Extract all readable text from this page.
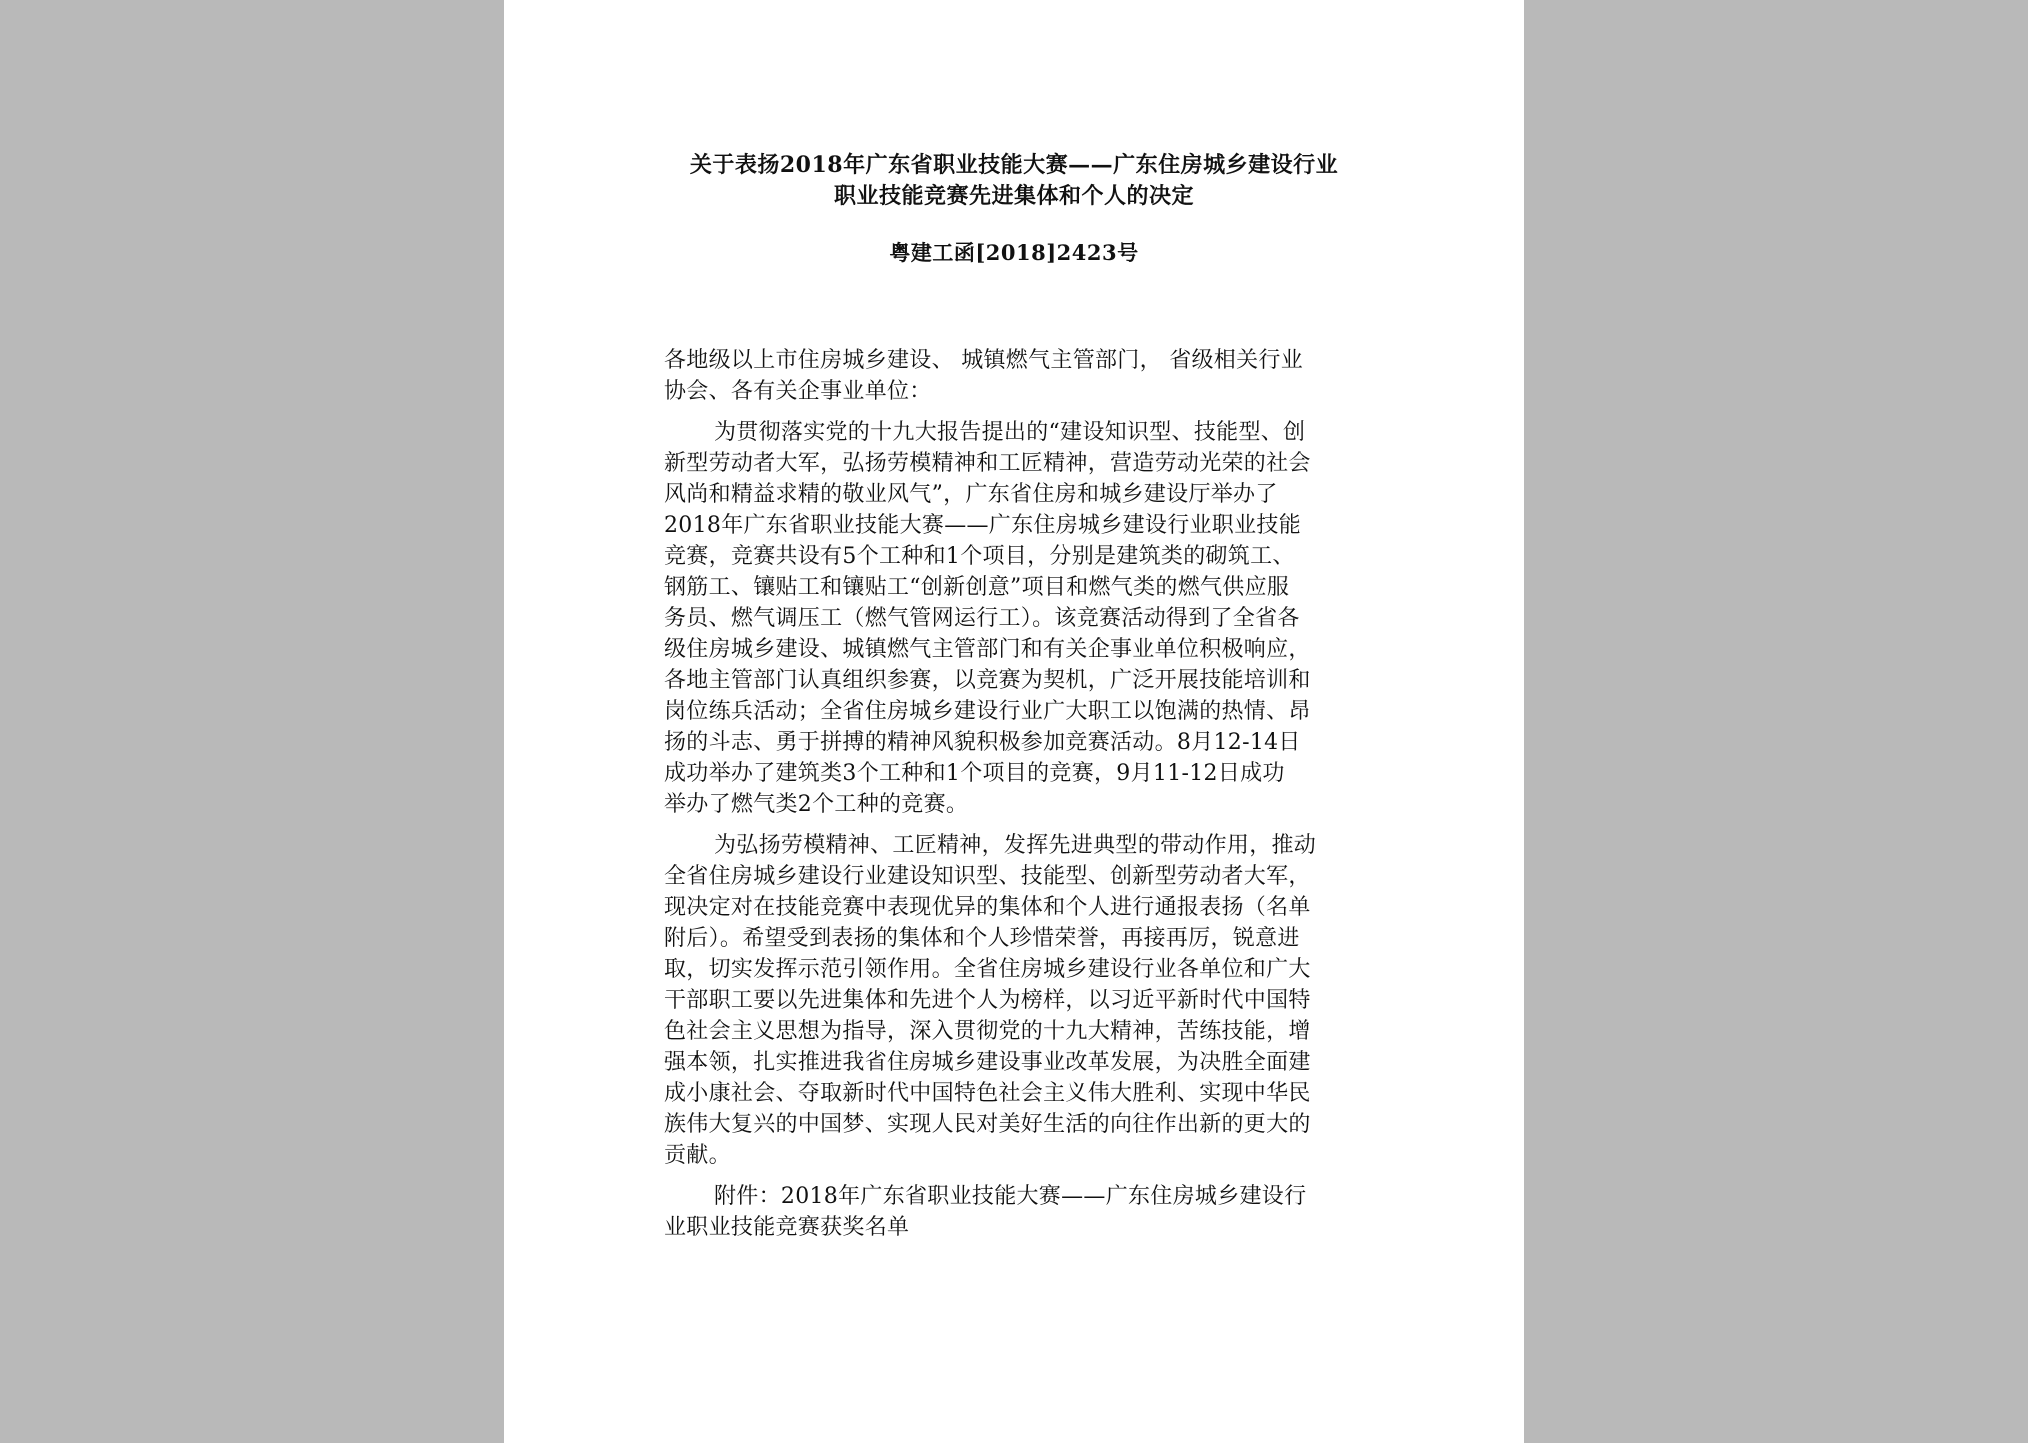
关于表扬2018年广东省职业技能大赛——广东住房城乡建设行业
职业技能竞赛先进集体和个人的决定
粤建工函[2018]2423号
各地级以上市住房城乡建设、 城镇燃气主管部门， 省级相关行业
协会、各有关企事业单位：
为贯彻落实党的十九大报告提出的“建设知识型、技能型、创
新型劳动者大军，弘扬劳模精神和工匠精神，营造劳动光荣的社会
风尚和精益求精的敬业风气”，广东省住房和城乡建设厅举办了
2018年广东省职业技能大赛——广东住房城乡建设行业职业技能
竞赛，竞赛共设有5个工种和1个项目，分别是建筑类的砌筑工、
钢筋工、镶贴工和镶贴工“创新创意”项目和燃气类的燃气供应服
务员、燃气调压工（燃气管网运行工）。该竞赛活动得到了全省各
级住房城乡建设、城镇燃气主管部门和有关企事业单位积极响应，
各地主管部门认真组织参赛，以竞赛为契机，广泛开展技能培训和
岗位练兵活动；全省住房城乡建设行业广大职工以饱满的热情、昂
扬的斗志、勇于拼搏的精神风貌积极参加竞赛活动。8月12-14日
成功举办了建筑类3个工种和1个项目的竞赛，9月11-12日成功
举办了燃气类2个工种的竞赛。
为弘扬劳模精神、工匠精神，发挥先进典型的带动作用，推动
全省住房城乡建设行业建设知识型、技能型、创新型劳动者大军，
现决定对在技能竞赛中表现优异的集体和个人进行通报表扬（名单
附后）。希望受到表扬的集体和个人珍惜荣誉，再接再厉，锐意进
取，切实发挥示范引领作用。全省住房城乡建设行业各单位和广大
干部职工要以先进集体和先进个人为榜样，以习近平新时代中国特
色社会主义思想为指导，深入贯彻党的十九大精神，苦练技能，增
强本领，扎实推进我省住房城乡建设事业改革发展，为决胜全面建
成小康社会、夺取新时代中国特色社会主义伟大胜利、实现中华民
族伟大复兴的中国梦、实现人民对美好生活的向往作出新的更大的
贡献。
附件：2018年广东省职业技能大赛——广东住房城乡建设行
业职业技能竞赛获奖名单
